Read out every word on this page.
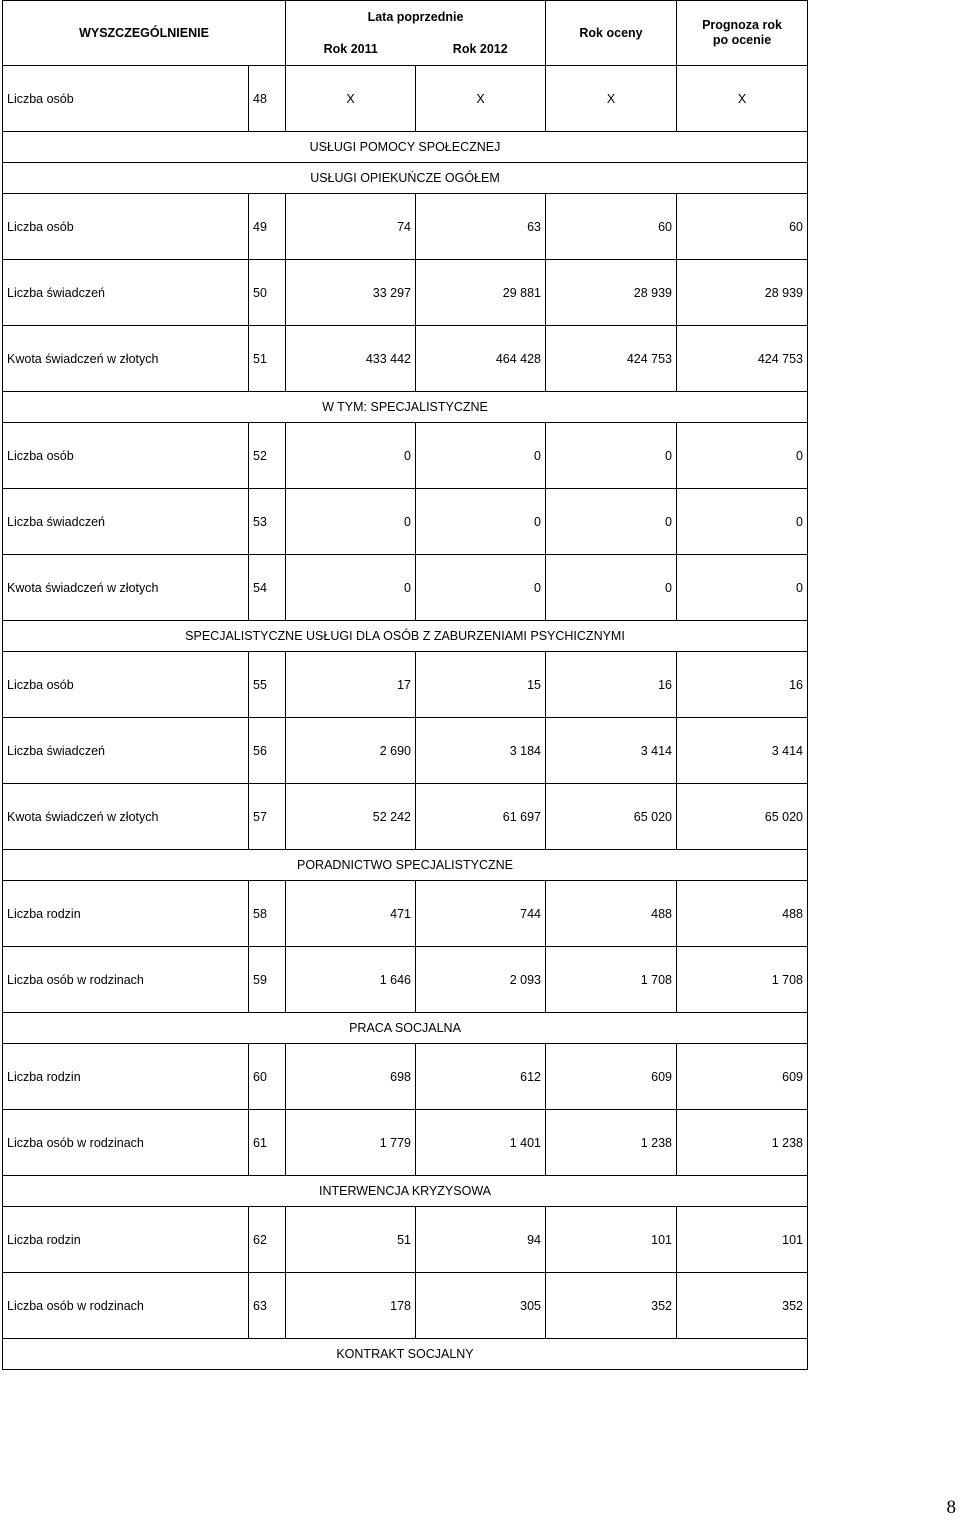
WYSZCZEGÓLNIENIE		Lata poprzednie		Rok oceny	Prognoza rok po ocenie
		Rok 2011	Rok 2012		
Liczba osób	48	X	X	X	X
USŁUGI POMOCY SPOŁECZNEJ					
USŁUGI OPIEKUŃCZE OGÓŁEM					
Liczba osób	49	74	63	60	60
Liczba świadczeń	50	33 297	29 881	28 939	28 939
Kwota świadczeń w złotych	51	433 442	464 428	424 753	424 753
W TYM: SPECJALISTYCZNE					
Liczba osób	52	0	0	0	0
Liczba świadczeń	53	0	0	0	0
Kwota świadczeń w złotych	54	0	0	0	0
SPECJALISTYCZNE USŁUGI DLA OSÓB Z ZABURZENIAMI PSYCHICZNYMI					
Liczba osób	55	17	15	16	16
Liczba świadczeń	56	2 690	3 184	3 414	3 414
Kwota świadczeń w złotych	57	52 242	61 697	65 020	65 020
PORADNICTWO SPECJALISTYCZNE					
Liczba rodzin	58	471	744	488	488
Liczba osób w rodzinach	59	1 646	2 093	1 708	1 708
PRACA SOCJALNA					
Liczba rodzin	60	698	612	609	609
Liczba osób w rodzinach	61	1 779	1 401	1 238	1 238
INTERWENCJA KRYZYSOWA					
Liczba rodzin	62	51	94	101	101
Liczba osób w rodzinach	63	178	305	352	352
KONTRAKT SOCJALNY					
8
